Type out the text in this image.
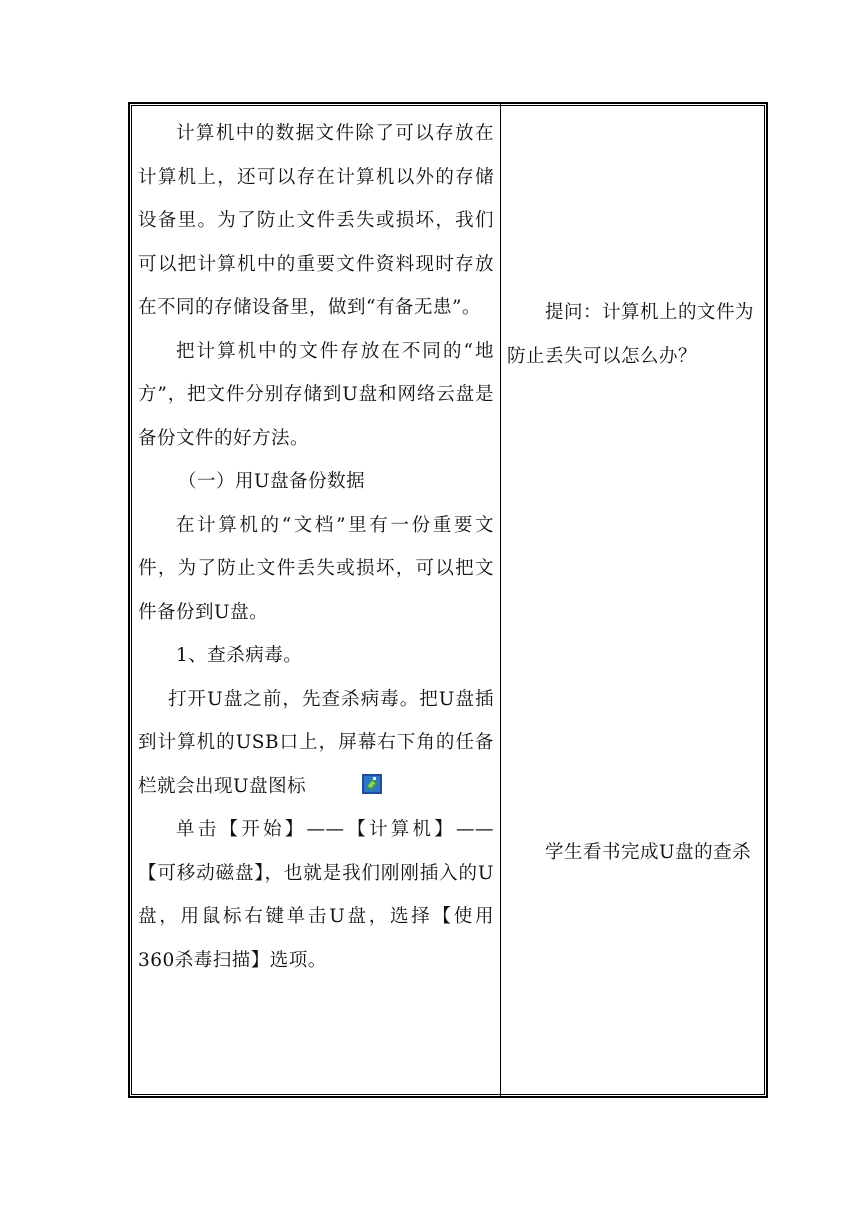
计算机中的数据文件除了可以存放在计算机上，还可以存在计算机以外的存储设备里。为了防止文件丢失或损坏，我们可以把计算机中的重要文件资料现时存放在不同的存储设备里，做到“有备无患”。

把计算机中的文件存放在不同的“地方”，把文件分别存储到U盘和网络云盘是备份文件的好方法。

（一）用U盘备份数据

在计算机的“文档”里有一份重要文件，为了防止文件丢失或损坏，可以把文件备份到U盘。

1、查杀病毒。

打开U盘之前，先查杀病毒。把U盘插到计算机的USB口上，屏幕右下角的任备栏就会出现U盘图标

单击【开始】——【计算机】——【可移动磁盘】，也就是我们刚刚插入的U盘，用鼠标右键单击U盘，选择【使用360杀毒扫描】选项。

提问：计算机上的文件为防止丢失可以怎么办？

学生看书完成U盘的查杀
